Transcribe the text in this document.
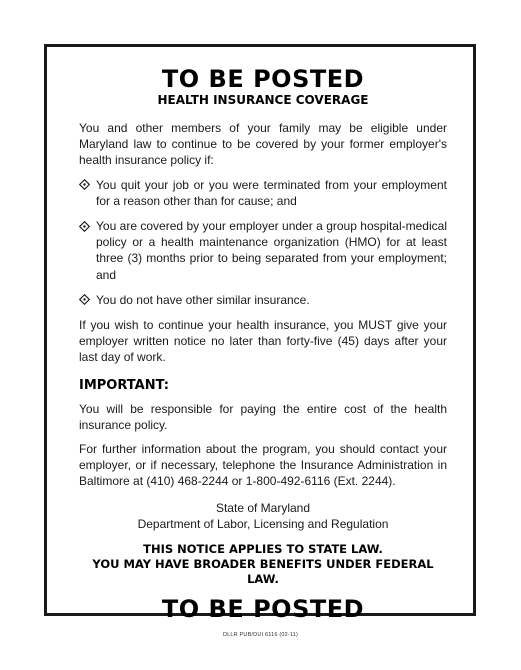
TO BE POSTED
HEALTH INSURANCE COVERAGE

You and other members of your family may be eligible under Maryland law to continue to be covered by your former employer's health insurance policy if:

You quit your job or you were terminated from your employment for a reason other than for cause; and
You are covered by your employer under a group hospital-medical policy or a health maintenance organization (HMO) for at least three (3) months prior to being separated from your employment; and
You do not have other similar insurance.

If you wish to continue your health insurance, you MUST give your employer written notice no later than forty-five (45) days after your last day of work.

IMPORTANT:

You will be responsible for paying the entire cost of the health insurance policy.

For further information about the program, you should contact your employer, or if necessary, telephone the Insurance Administration in Baltimore at (410) 468-2244 or 1-800-492-6116 (Ext. 2244).

State of Maryland
Department of Labor, Licensing and Regulation
THIS NOTICE APPLIES TO STATE LAW.
YOU MAY HAVE BROADER BENEFITS UNDER FEDERAL LAW.
TO BE POSTED
DLLR PUB/DUI 6116 (02-11)
